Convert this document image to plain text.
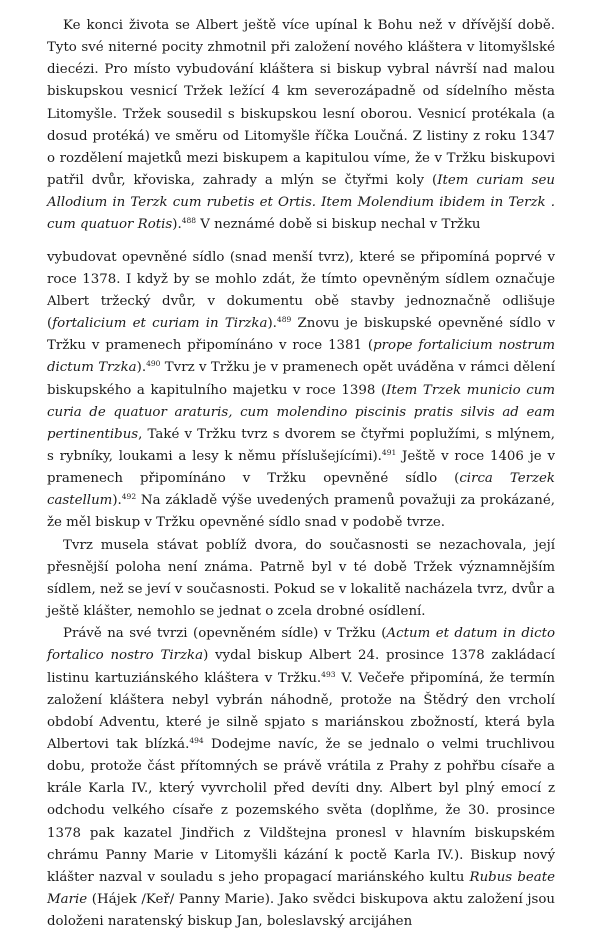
Ke konci života se Albert ještě více upínal k Bohu než v dřívější době. Tyto své niterné pocity zhmotnil při založení nového kláštera v litomyšlské diecézi. Pro místo vybudování kláštera si biskup vybral návrší nad malou biskupskou vesnicí Tržek ležící 4 km severozápadně od sídelního města Litomyšle. Tržek sousedil s biskupskou lesní oborou. Vesnicí protékala (a dosud protéká) ve směru od Litomyšle říčka Loučná. Z listiny z roku 1347 o rozdělení majetků mezi biskupem a kapitulou víme, že v Tržku biskupovi patřil dvůr, křoviska, zahrady a mlýn se čtyřmi koly (Item curiam seu Allodium in Terzk cum rubetis et Ortis. Item Molendium ibidem in Terzk . cum quatuor Rotis).$^{488}$ V neznámé době si biskup nechal v Tržku
vybudovat opevněné sídlo (snad menší tvrz), které se připomíná poprvé v roce 1378. I když by se mohlo zdát, že tímto opevněným sídlem označuje Albert tržecký dvůr, v dokumentu obě stavby jednoznačně odlišuje (fortalicium et curiam in Tirzka).$^{489}$ Znovu je biskupské opevněné sídlo v Tržku v pramenech připomínáno v roce 1381 (prope fortalicium nostrum dictum Trzka).$^{490}$ Tvrz v Tržku je v pramenech opět uváděna v rámci dělení biskupského a kapitulního majetku v roce 1398 (Item Trzek municio cum curia de quatuor araturis, cum molendino piscinis pratis silvis ad eam pertinentibus, Také v Tržku tvrz s dvorem se čtyřmi poplužími, s mlýnem, s rybníky, loukami a lesy k němu příslušejícími).$^{491}$ Ještě v roce 1406 je v pramenech připomínáno v Tržku opevněné sídlo (circa Terzek castellum).$^{492}$ Na základě výše uvedených pramenů považuji za prokázané, že měl biskup v Tržku opevněné sídlo snad v podobě tvrze.

Tvrz musela stávat poblíž dvora, do současnosti se nezachovala, její přesnější poloha není známa. Patrně byl v té době Tržek významnějším sídlem, než se jeví v současnosti. Pokud se v lokalitě nacházela tvrz, dvůr a ještě klášter, nemohlo se jednat o zcela drobné osídlení.

Právě na své tvrzi (opevněném sídle) v Tržku (Actum et datum in dicto fortalico nostro Tirzka) vydal biskup Albert 24. prosince 1378 zakládací listinu kartuziánského kláštera v Tržku.$^{493}$ V. Večeře připomíná, že termín založení kláštera nebyl vybrán náhodně, protože na Štědrý den vrcholí období Adventu, které je silně spjato s mariánskou zbožností, která byla Albertovi tak blízká.$^{494}$ Dodejme navíc, že se jednalo o velmi truchlivou dobu, protože část přítomných se právě vrátila z Prahy z pohřbu císaře a krále Karla IV., který vyvrcholil před devíti dny. Albert byl plný emocí z odchodu velkého císaře z pozemského světa (doplňme, že 30. prosince 1378 pak kazatel Jindřich z Vildštejna pronesl v hlavním biskupském chrámu Panny Marie v Litomyšli kázání k poctě Karla IV.). Biskup nový klášter nazval v souladu s jeho propagací mariánského kultu Rubus beate Marie (Hájek /Keř/ Panny Marie). Jako svědci biskupova aktu založení jsou doloženi naratenský biskup Jan, boleslavský arcijáhen
